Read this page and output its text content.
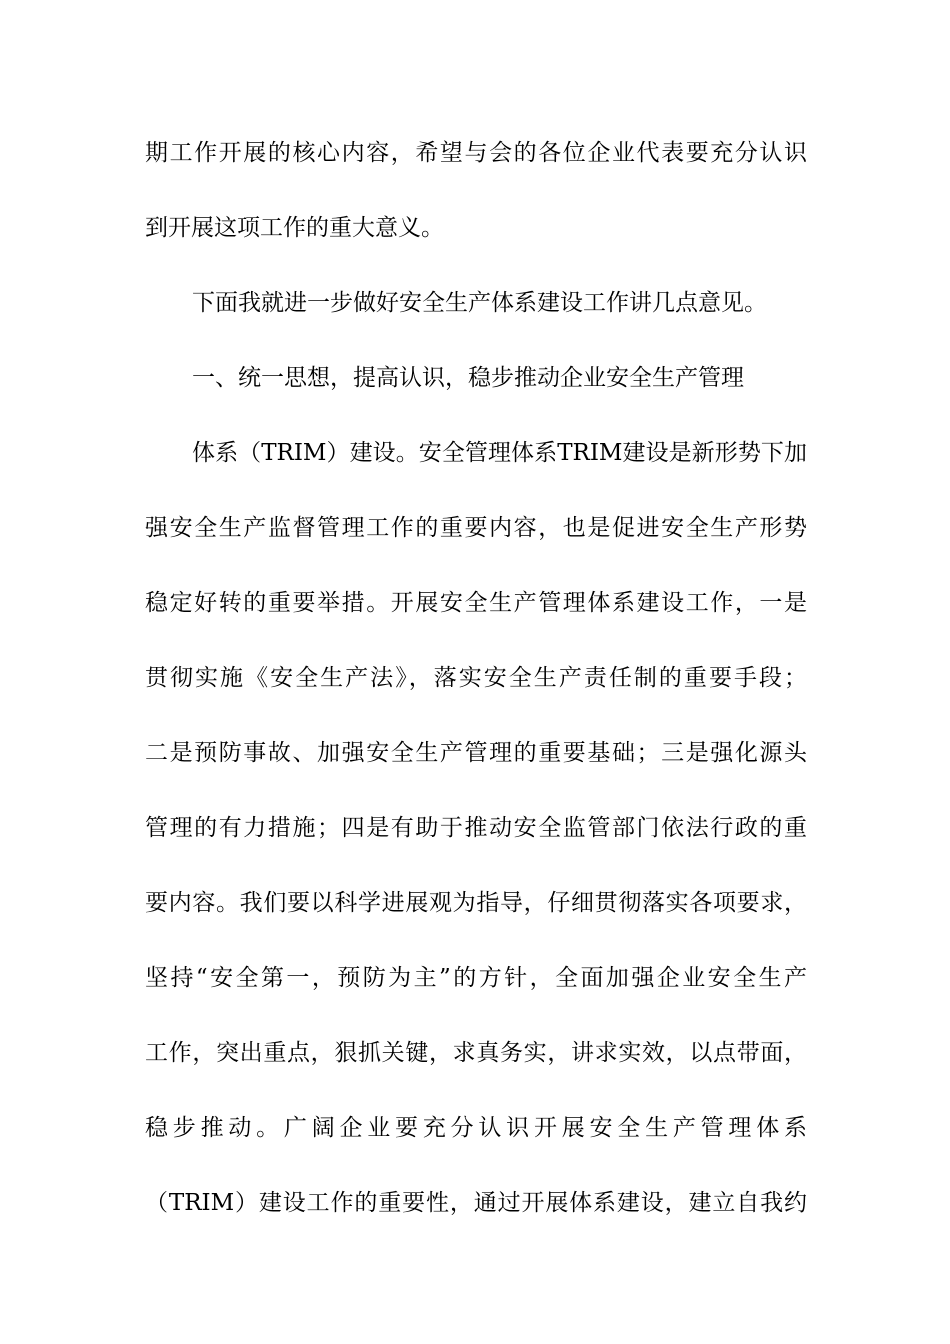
期工作开展的核心内容，希望与会的各位企业代表要充分认识
到开展这项工作的重大意义。
下面我就进一步做好安全生产体系建设工作讲几点意见。
一、统一思想，提高认识，稳步推动企业安全生产管理
体系（TRIM）建设。安全管理体系TRIM建设是新形势下加
强安全生产监督管理工作的重要内容，也是促进安全生产形势
稳定好转的重要举措。开展安全生产管理体系建设工作，一是
贯彻实施《安全生产法》，落实安全生产责任制的重要手段；
二是预防事故、加强安全生产管理的重要基础；三是强化源头
管理的有力措施；四是有助于推动安全监管部门依法行政的重
要内容。我们要以科学进展观为指导，仔细贯彻落实各项要求，
坚持“安全第一，预防为主”的方针，全面加强企业安全生产
工作，突出重点，狠抓关键，求真务实，讲求实效，以点带面，
稳步推动。广阔企业要充分认识开展安全生产管理体系
（TRIM）建设工作的重要性，通过开展体系建设，建立自我约
